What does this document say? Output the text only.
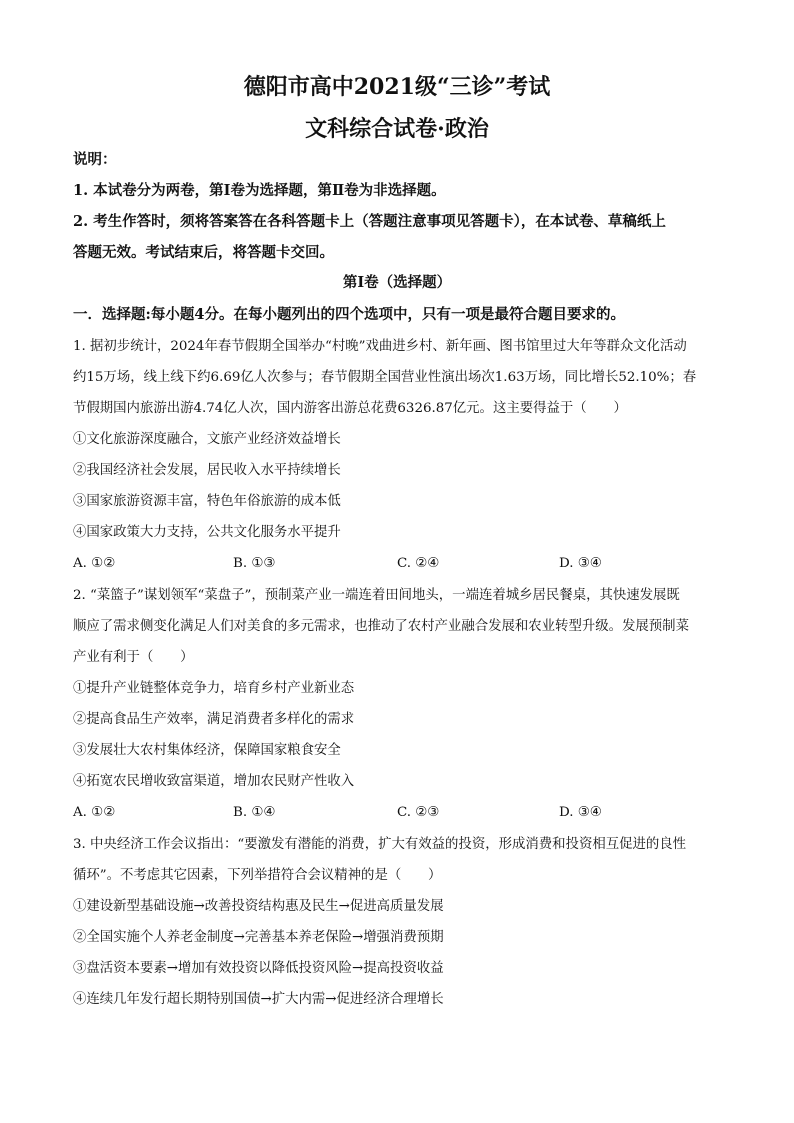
德阳市高中2021级“三诊”考试
文科综合试卷·政治
说明：
1. 本试卷分为两卷，第Ⅰ卷为选择题，第Ⅱ卷为非选择题。
2. 考生作答时，须将答案答在各科答题卡上（答题注意事项见答题卡），在本试卷、草稿纸上
答题无效。考试结束后，将答题卡交回。
第Ⅰ卷（选择题）
一．选择题:每小题4分。在每小题列出的四个选项中，只有一项是最符合题目要求的。
1. 据初步统计，2024年春节假期全国举办“村晚”戏曲进乡村、新年画、图书馆里过大年等群众文化活动
约15万场，线上线下约6.69亿人次参与；春节假期全国营业性演出场次1.63万场，同比增长52.10%；春
节假期国内旅游出游4.74亿人次，国内游客出游总花费6326.87亿元。这主要得益于（　　）
①文化旅游深度融合，文旅产业经济效益增长
②我国经济社会发展，居民收入水平持续增长
③国家旅游资源丰富，特色年俗旅游的成本低
④国家政策大力支持，公共文化服务水平提升
A. ①②	B. ①③	C. ②④	D. ③④
2. “菜篮子”谋划领军“菜盘子”，预制菜产业一端连着田间地头，一端连着城乡居民餐桌，其快速发展既
顺应了需求侧变化满足人们对美食的多元需求，也推动了农村产业融合发展和农业转型升级。发展预制菜
产业有利于（　　）
①提升产业链整体竞争力，培育乡村产业新业态
②提高食品生产效率，满足消费者多样化的需求
③发展壮大农村集体经济，保障国家粮食安全
④拓宽农民增收致富渠道，增加农民财产性收入
A. ①②	B. ①④	C. ②③	D. ③④
3. 中央经济工作会议指出：“要激发有潜能的消费，扩大有效益的投资，形成消费和投资相互促进的良性
循环”。不考虑其它因素，下列举措符合会议精神的是（　　）
①建设新型基础设施→改善投资结构惠及民生→促进高质量发展
②全国实施个人养老金制度→完善基本养老保险→增强消费预期
③盘活资本要素→增加有效投资以降低投资风险→提高投资收益
④连续几年发行超长期特别国债→扩大内需→促进经济合理增长
